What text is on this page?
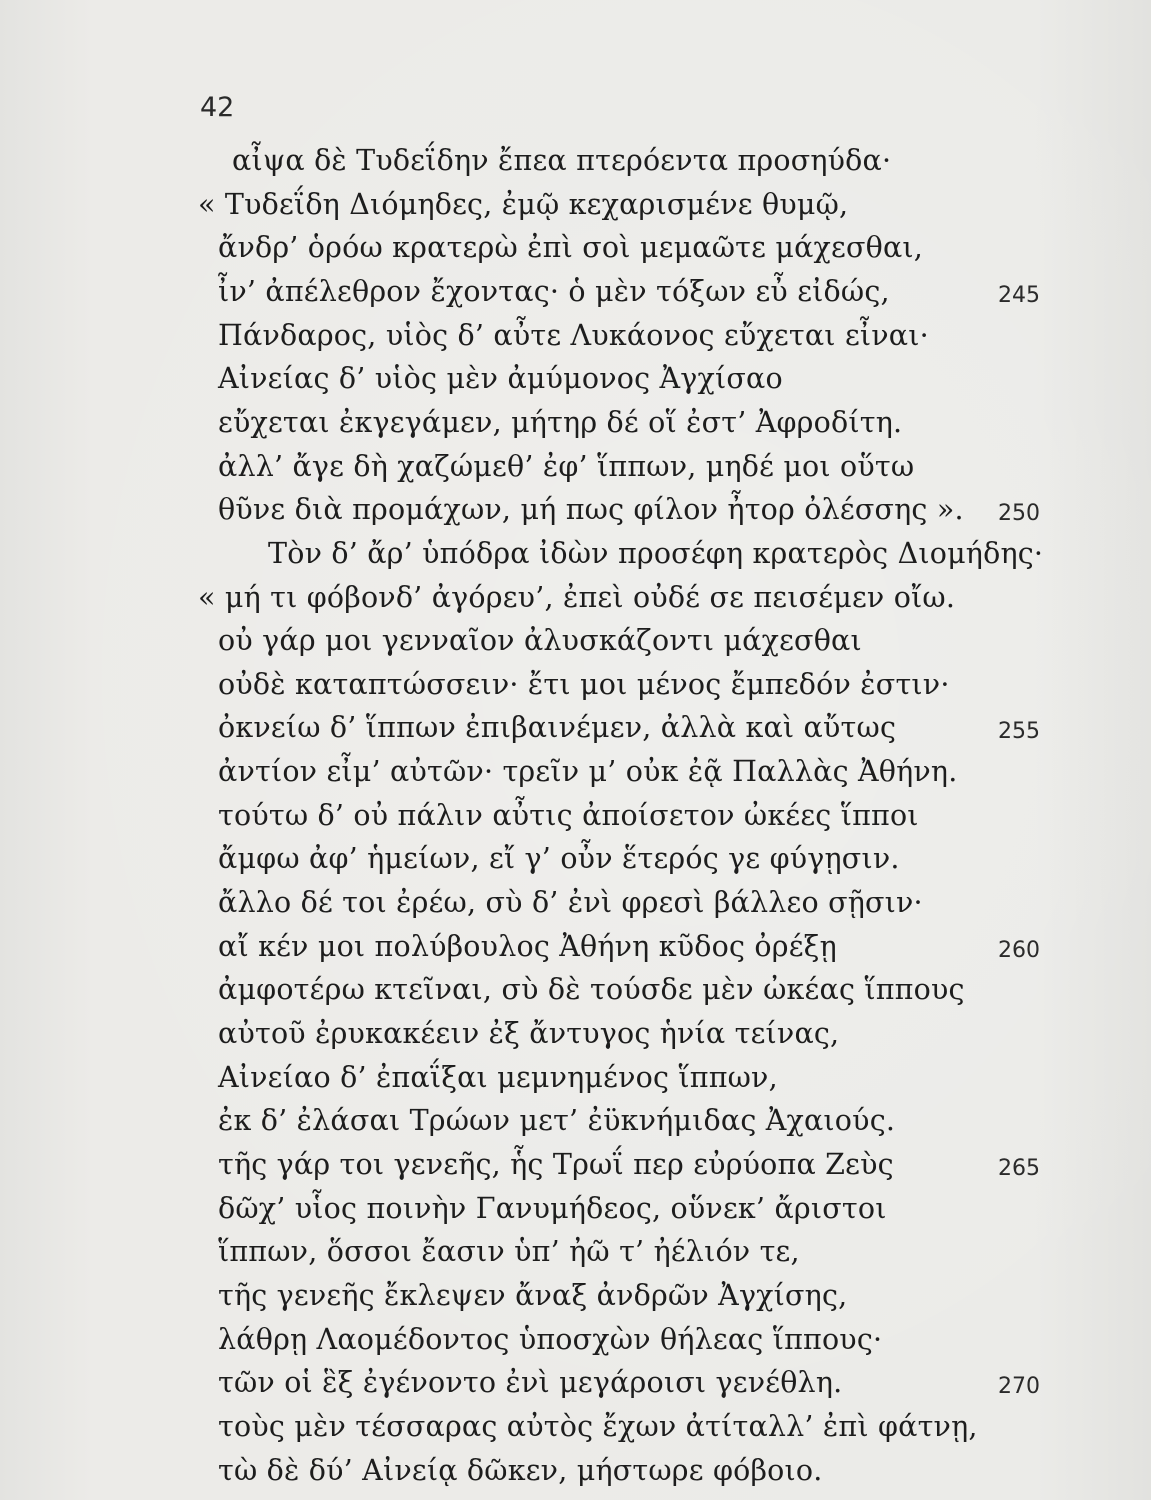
42
αἶψα δὲ Τυδεΐδην ἔπεα πτερόεντα προσηύδα·
« Τυδεΐδη Διόμηδες, ἐμῷ κεχαρισμένε θυμῷ,
ἄνδρ’ ὁρόω κρατερὼ ἐπὶ σοὶ μεμαῶτε μάχεσθαι,
ἶν’ ἀπέλεθρον ἔχοντας· ὁ μὲν τόξων εὖ εἰδώς,
Πάνδαρος, υἱὸς δ’ αὖτε Λυκάονος εὔχεται εἶναι·
Αἰνείας δ’ υἱὸς μὲν ἀμύμονος Ἀγχίσαο
εὔχεται ἐκγεγάμεν, μήτηρ δέ οἵ ἐστ’ Ἀφροδίτη.
ἀλλ’ ἄγε δὴ χαζώμεθ’ ἐφ’ ἵππων, μηδέ μοι οὕτω
θῦνε διὰ προμάχων, μή πως φίλον ἦτορ ὀλέσσης ».
Τὸν δ’ ἄρ’ ὑπόδρα ἰδὼν προσέφη κρατερὸς Διομήδης·
« μή τι φόβονδ’ ἀγόρευ’, ἐπεὶ οὐδέ σε πεισέμεν οἴω.
οὐ γάρ μοι γενναῖον ἀλυσκάζοντι μάχεσθαι
οὐδὲ καταπτώσσειν· ἔτι μοι μένος ἔμπεδόν ἐστιν·
ὀκνείω δ’ ἵππων ἐπιβαινέμεν, ἀλλὰ καὶ αὔτως
ἀντίον εἶμ’ αὐτῶν· τρεῖν μ’ οὐκ ἐᾷ Παλλὰς Ἀθήνη.
τούτω δ’ οὐ πάλιν αὖτις ἀποίσετον ὠκέες ἵπποι
ἄμφω ἀφ’ ἡμείων, εἴ γ’ οὖν ἕτερός γε φύγῃσιν.
ἄλλο δέ τοι ἐρέω, σὺ δ’ ἐνὶ φρεσὶ βάλλεο σῇσιν·
αἴ κέν μοι πολύβουλος Ἀθήνη κῦδος ὀρέξῃ
ἀμφοτέρω κτεῖναι, σὺ δὲ τούσδε μὲν ὠκέας ἵππους
αὐτοῦ ἐρυκακέειν ἐξ ἄντυγος ἡνία τείνας,
Αἰνείαο δ’ ἐπαΐξαι μεμνημένος ἵππων,
ἐκ δ’ ἐλάσαι Τρώων μετ’ ἐϋκνήμιδας Ἀχαιούς.
τῆς γάρ τοι γενεῆς, ἧς Τρωΐ περ εὐρύοπα Ζεὺς
δῶχ’ υἷος ποινὴν Γανυμήδεος, οὕνεκ’ ἄριστοι
ἵππων, ὅσσοι ἔασιν ὑπ’ ἠῶ τ’ ἠέλιόν τε,
τῆς γενεῆς ἔκλεψεν ἄναξ ἀνδρῶν Ἀγχίσης,
λάθρῃ Λαομέδοντος ὑποσχὼν θήλεας ἵππους·
τῶν οἱ ἓξ ἐγένοντο ἐνὶ μεγάροισι γενέθλη.
τοὺς μὲν τέσσαρας αὐτὸς ἔχων ἀτίταλλ’ ἐπὶ φάτνῃ,
τὼ δὲ δύ’ Αἰνείᾳ δῶκεν, μήστωρε φόβοιο.
245
250
255
260
265
270
